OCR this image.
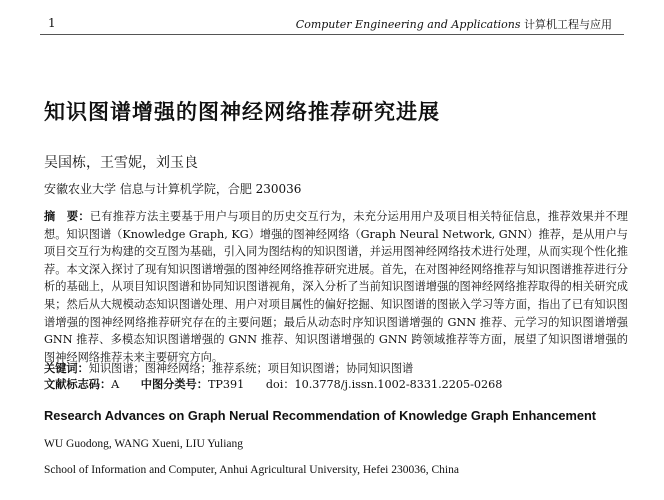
1	Computer Engineering and Applications 计算机工程与应用
知识图谱增强的图神经网络推荐研究进展
吴国栋，王雪妮，刘玉良
安徽农业大学 信息与计算机学院，合肥 230036
摘　要：已有推荐方法主要基于用户与项目的历史交互行为，未充分运用用户及项目相关特征信息，推荐效果并不理想。知识图谱（Knowledge Graph, KG）增强的图神经网络（Graph Neural Network, GNN）推荐，是从用户与项目交互行为构建的交互图为基础，引入同为图结构的知识图谱，并运用图神经网络技术进行处理，从而实现个性化推荐。本文深入探讨了现有知识图谱增强的图神经网络推荐研究进展。首先，在对图神经网络推荐与知识图谱推荐进行分析的基础上，从项目知识图谱和协同知识图谱视角，深入分析了当前知识图谱增强的图神经网络推荐取得的相关研究成果；然后从大规模动态知识图谱处理、用户对项目属性的偏好挖掘、知识图谱的图嵌入学习等方面，指出了已有知识图谱增强的图神经网络推荐研究存在的主要问题；最后从动态时序知识图谱增强的 GNN 推荐、元学习的知识图谱增强 GNN 推荐、多模态知识图谱增强的 GNN 推荐、知识图谱增强的 GNN 跨领域推荐等方面，展望了知识图谱增强的图神经网络推荐未来主要研究方向。
关键词：知识图谱；图神经网络；推荐系统；项目知识图谱；协同知识图谱
文献标志码：A 中图分类号：TP391 doi：10.3778/j.issn.1002-8331.2205-0268
Research Advances on Graph Nerual Recommendation of Knowledge Graph Enhancement
WU Guodong, WANG Xueni, LIU Yuliang
School of Information and Computer, Anhui Agricultural University, Hefei 230036, China
